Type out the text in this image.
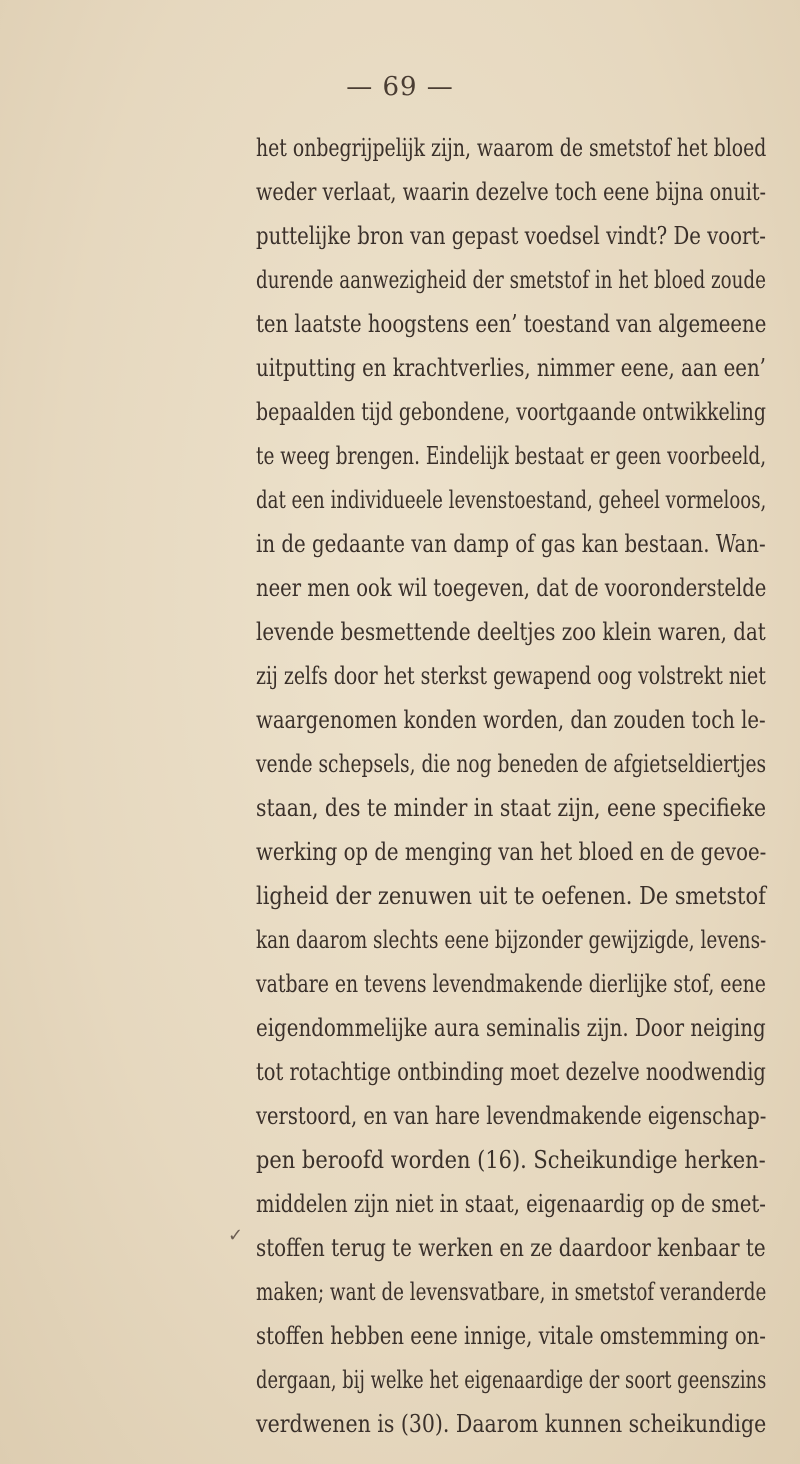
— 69 —
✓
het onbegrijpelijk zijn, waarom de smetstof het bloed
weder verlaat, waarin dezelve toch eene bijna onuit-
puttelijke bron van gepast voedsel vindt? De voort-
durende aanwezigheid der smetstof in het bloed zoude
ten laatste hoogstens een’ toestand van algemeene
uitputting en krachtverlies, nimmer eene, aan een’
bepaalden tijd gebondene, voortgaande ontwikkeling
te weeg brengen. Eindelijk bestaat er geen voorbeeld,
dat een individueele levenstoestand, geheel vormeloos,
in de gedaante van damp of gas kan bestaan. Wan-
neer men ook wil toegeven, dat de vooronderstelde
levende besmettende deeltjes zoo klein waren, dat
zij zelfs door het sterkst gewapend oog volstrekt niet
waargenomen konden worden, dan zouden toch le-
vende schepsels, die nog beneden de afgietseldiertjes
staan, des te minder in staat zijn, eene specifieke
werking op de menging van het bloed en de gevoe-
ligheid der zenuwen uit te oefenen. De smetstof
kan daarom slechts eene bijzonder gewijzigde, levens-
vatbare en tevens levendmakende dierlijke stof, eene
eigendommelijke aura seminalis zijn. Door neiging
tot rotachtige ontbinding moet dezelve noodwendig
verstoord, en van hare levendmakende eigenschap-
pen beroofd worden (16). Scheikundige herken-
middelen zijn niet in staat, eigenaardig op de smet-
stoffen terug te werken en ze daardoor kenbaar te
maken; want de levensvatbare, in smetstof veranderde
stoffen hebben eene innige, vitale omstemming on-
dergaan, bij welke het eigenaardige der soort geenszins
verdwenen is (30). Daarom kunnen scheikundige
